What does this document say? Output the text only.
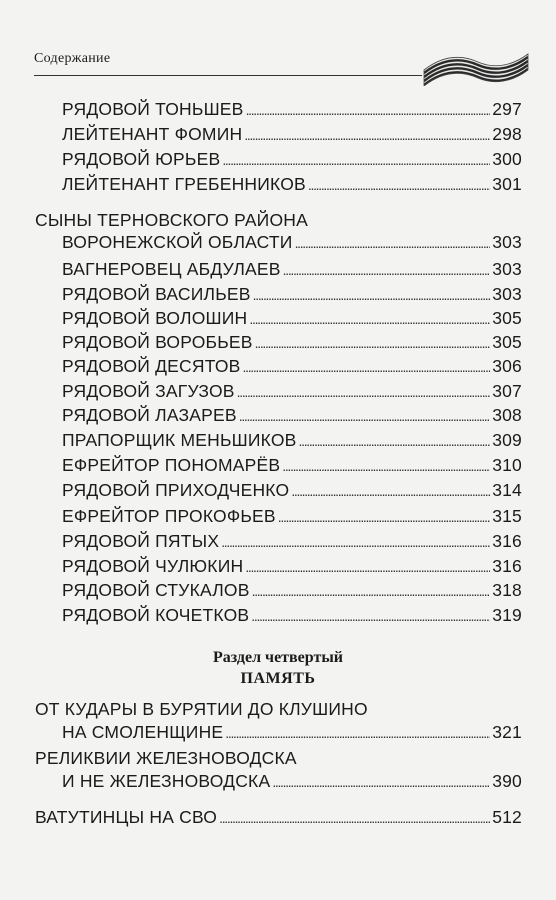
Содержание
РЯДОВОЙ ТОНЬШЕВ . . .	297
ЛЕЙТЕНАНТ ФОМИН . . .	298
РЯДОВОЙ ЮРЬЕВ . . .	300
ЛЕЙТЕНАНТ ГРЕБЕННИКОВ . . .	301
СЫНЫ ТЕРНОВСКОГО РАЙОНА
ВОРОНЕЖСКОЙ ОБЛАСТИ . . .	303
ВАГНЕРОВЕЦ АБДУЛАЕВ . . .	303
РЯДОВОЙ ВАСИЛЬЕВ . . .	303
РЯДОВОЙ ВОЛОШИН . . .	305
РЯДОВОЙ ВОРОБЬЕВ . . .	305
РЯДОВОЙ ДЕСЯТОВ . . .	306
РЯДОВОЙ ЗАГУЗОВ . . .	307
РЯДОВОЙ ЛАЗАРЕВ . . .	308
ПРАПОРЩИК МЕНЬШИКОВ . . .	309
ЕФРЕЙТОР ПОНОМАРЁВ . . .	310
РЯДОВОЙ ПРИХОДЧЕНКО . . .	314
ЕФРЕЙТОР ПРОКОФЬЕВ . . .	315
РЯДОВОЙ ПЯТЫХ . . .	316
РЯДОВОЙ ЧУЛЮКИН . . .	316
РЯДОВОЙ СТУКАЛОВ . . .	318
РЯДОВОЙ КОЧЕТКОВ . . .	319
Раздел четвертый
ПАМЯТЬ
ОТ КУДАРЫ В БУРЯТИИ ДО КЛУШИНО
НА СМОЛЕНЩИНЕ . . .	321
РЕЛИКВИИ ЖЕЛЕЗНОВОДСКА
И НЕ ЖЕЛЕЗНОВОДСКА . . .	390
ВАТУТИНЦЫ НА СВО . . .	512
